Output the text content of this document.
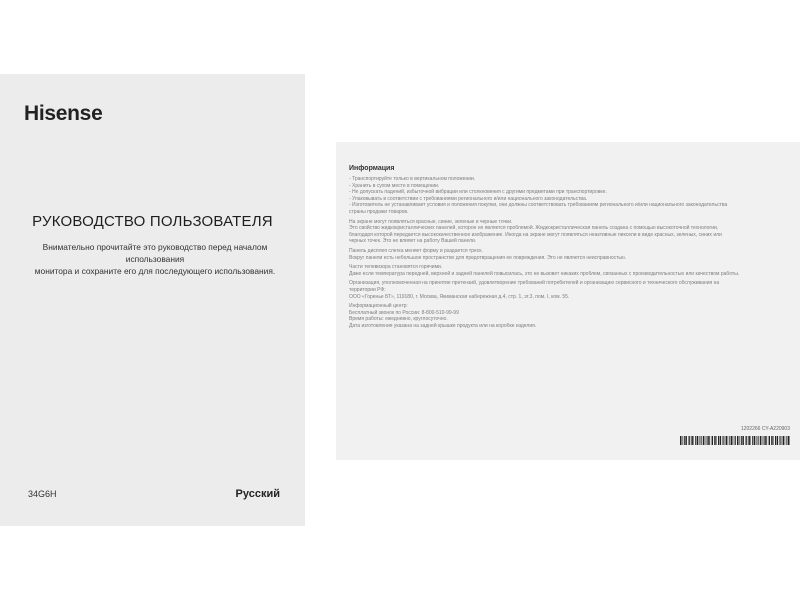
Hisense
РУКОВОДСТВО ПОЛЬЗОВАТЕЛЯ
Внимательно прочитайте это руководство перед началом использования
монитора и сохраните его для последующего использования.
34G6H	Русский
Информация
- Транспортируйте только в вертикальном положении.
- Хранить в сухом месте в помещении.
- Не допускать падений, избыточной вибрации или столкновения с другими предметами при транспортировке.
- Упаковывать в соответствии с требованиями регионального и/или национального законодательства.
- Изготовитель не устанавливает условия и положения покупки, они должны соответствовать требованиям регионального и/или национального законодательства
страны продажи товаров.
На экране могут появляться красные, синие, зеленые и черные точки.
Это свойство жидкокристаллических панелей, которое не является проблемой. Жидкокристаллическая панель создана с помощью высокоточной технологии,
благодаря которой передается высококачественное изображение. Иногда на экране могут появляться неактивные пиксели в виде красных, зеленых, синих или
черных точек. Это не влияет на работу Вашей панели.
Панель дисплея слегка меняет форму и раздается треск.
Вокруг панели есть небольшое пространство для предотвращения ее повреждения. Это не является неисправностью.
Части телевизора становятся горячими.
Даже если температура передней, верхней и задней панелей повысилась, это не вызовет никаких проблем, связанных с производительностью или качеством работы.
Организация, уполномоченная на принятие претензий, удовлетворение требований потребителей и организацию сервисного и технического обслуживания на
территории РФ:
ООО «Горенье БТ», 119180, г. Москва, Якиманская набережная д.4, стр. 1, эт.3, пом. I, ком. 55.
Информационный центр:
Бесплатный звонок по России: 8-800-510-99-99
Время работы: ежедневно, круглосуточно.
Дата изготовления указана на задней крышке продукта или на коробке изделия.
1202266 CY-A220903
